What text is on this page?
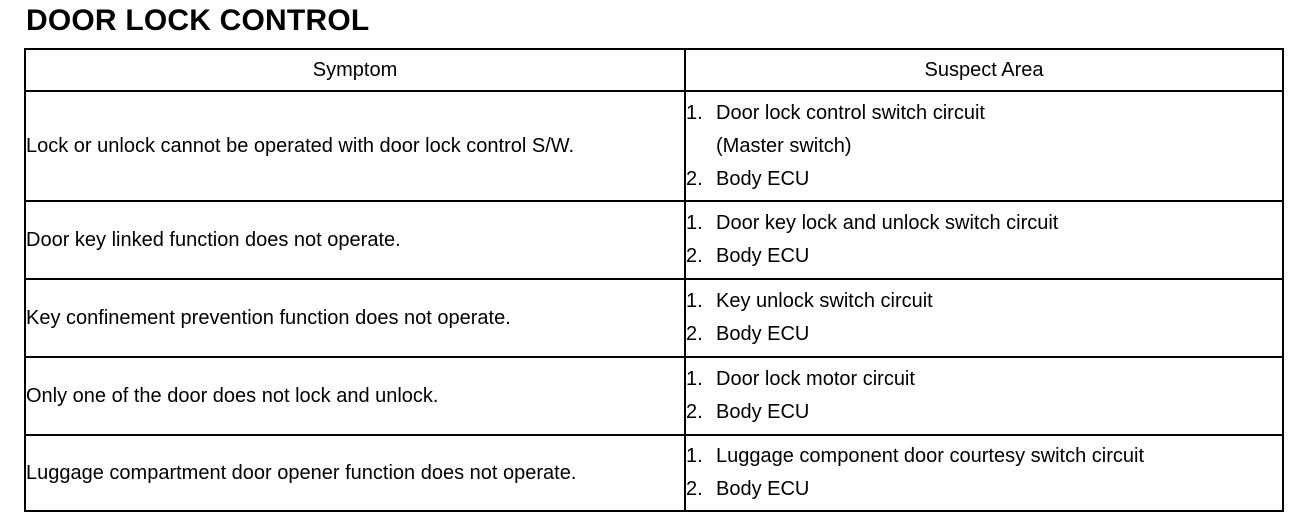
DOOR LOCK CONTROL
Symptom	Suspect Area
Lock or unlock cannot be operated with door lock control S/W.	1. Door lock control switch circuit
(Master switch)
2. Body ECU

Door key linked function does not operate.	1. Door key lock and unlock switch circuit
2. Body ECU

Key confinement prevention function does not operate.	1. Key unlock switch circuit
2. Body ECU

Only one of the door does not lock and unlock.	1. Door lock motor circuit
2. Body ECU

Luggage compartment door opener function does not operate.	1. Luggage component door courtesy switch circuit
2. Body ECU
